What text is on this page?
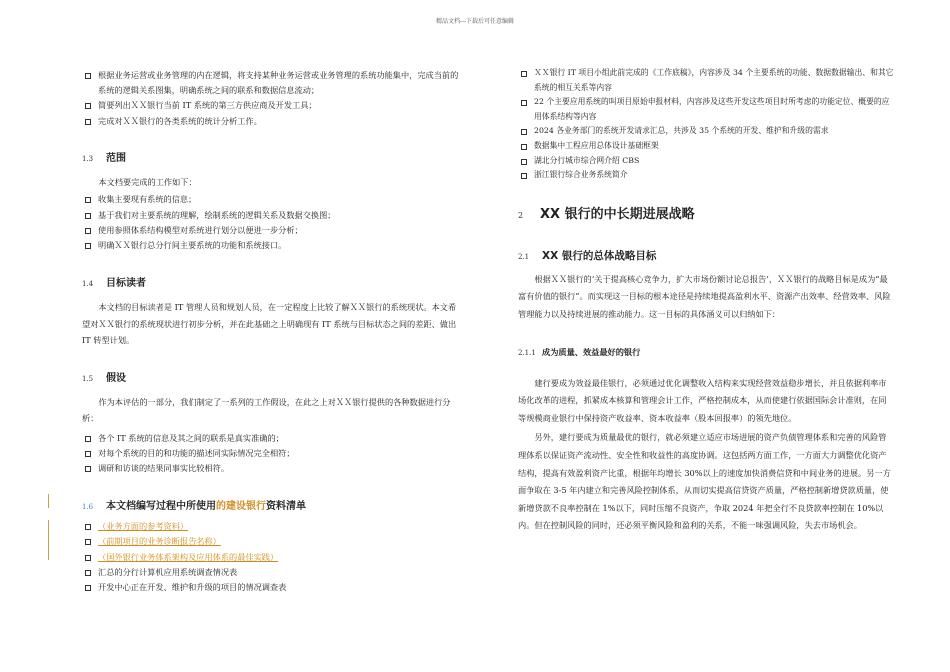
精品文档---下载后可任意编辑
根据业务运营或业务管理的内在逻辑，将支持某种业务运营或业务管理的系统功能集中，完成当前的系统的逻辑关系图集，明确系统之间的联系和数据信息流动；
简要列出ＸＸ银行当前 IT 系统的第三方供应商及开发工具；
完成对ＸＸ银行的各类系统的统计分析工作。
1.3 范围

本文档要完成的工作如下：

收集主要现有系统的信息；
基于我们对主要系统的理解，绘制系统的逻辑关系及数据交换图；
使用参照体系结构模型对系统进行划分以便进一步分析；
明确ＸＸ银行总分行间主要系统的功能和系统接口。
1.4 目标读者

本文档的目标读者是 IT 管理人员和规划人员，在一定程度上比较了解ＸＸ银行的系统现状。本文希望对ＸＸ银行的系统现状进行初步分析，并在此基础之上明确现有 IT 系统与目标状态之间的差距、做出 IT 转型计划。

1.5 假设

作为本评估的一部分，我们制定了一系列的工作假设，在此之上对ＸＸ银行提供的各种数据进行分析：

各个 IT 系统的信息及其之间的联系是真实准确的；
对每个系统的目的和功能的描述同实际情况完全相符；
调研和访谈的结果同事实比较相符。
1.6 本文档编写过程中所使用的建设银行资料清单
（业务方面的参考资料）
（前期项目的业务诊断报告名称）
（国外银行业务体系架构及应用体系的最佳实践）
汇总的分行计算机应用系统调查情况表
开发中心正在开发、维护和升级的项目的情况调查表
ＸＸ银行 IT 项目小组此前完成的《工作底稿》，内容涉及 34 个主要系统的功能、数据数据输出、和其它系统的相互关系等内容
22 个主要应用系统的叫项目原始申报材料，内容涉及这些开发这些项目时所考虑的功能定位、概要的应用体系结构等内容
2024 各业务部门的系统开发请求汇总，共涉及 35 个系统的开发、维护和升级的需求
数据集中工程应用总体设计基础框架
湖北分行城市综合网介绍 CBS
浙江银行综合业务系统简介
2 XX 银行的中长期进展战略
2.1 XX 银行的总体战略目标

根据ＸＸ银行的‘关于提高核心竞争力，扩大市场份额讨论总报告’，ＸＸ银行的战略目标是成为“最富有价值的银行”。而实现这一目标的根本途径是持续地提高盈利水平、资源产出效率、经营效率、风险管理能力以及持续进展的推动能力。这一目标的具体涵义可以归纳如下：

2.1.1 成为质量、效益最好的银行

建行要成为效益最佳银行，必须通过优化调整收入结构来实现经营效益稳步增长，并且依据利率市场化改革的进程，抓紧成本核算和管理会计工作，严格控制成本，从而使建行依据国际会计准则，在同等规模商业银行中保持资产收益率、资本收益率（股本回报率）的领先地位。

另外，建行要成为质量最优的银行，就必须建立适应市场进展的资产负债管理体系和完善的风险管理体系以保证资产流动性、安全性和收益性的高度协调。这包括两方面工作，一方面大力调整优化资产结构，提高有效盈利资产比重，根据年均增长 30%以上的速度加快消费信贷和中间业务的进展。另一方面争取在 3-5 年内建立和完善风险控制体系，从而切实提高信贷资产质量，严格控制新增贷款质量，使新增贷款不良率控制在 1%以下，同时压缩不良资产，争取 2024 年把全行不良贷款率控制在 10%以内。但在控制风险的同时，还必须平衡风险和盈利的关系，不能一味强调风险，失去市场机会。
